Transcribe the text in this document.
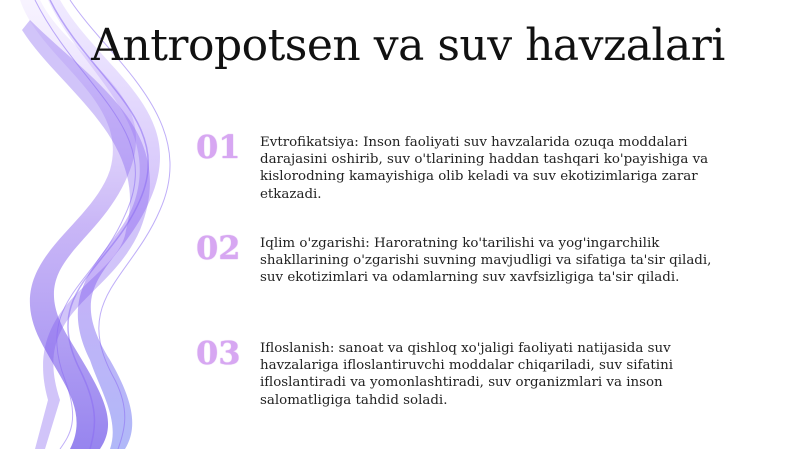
Antropotsen va suv havzalari
01	Evtrofikatsiya: Inson faoliyati suv havzalarida ozuqa moddalari darajasini oshirib, suv o'tlarining haddan tashqari ko'payishiga va kislorodning kamayishiga olib keladi va suv ekotizimlariga zarar etkazadi.
02	Iqlim o'zgarishi: Haroratning ko'tarilishi va yog'ingarchilik shakllarining o'zgarishi suvning mavjudligi va sifatiga ta'sir qiladi, suv ekotizimlari va odamlarning suv xavfsizligiga ta'sir qiladi.
03	Ifloslanish: sanoat va qishloq xo'jaligi faoliyati natijasida suv havzalariga ifloslantiruvchi moddalar chiqariladi, suv sifatini ifloslantiradi va yomonlashtiradi, suv organizmlari va inson salomatligiga tahdid soladi.
